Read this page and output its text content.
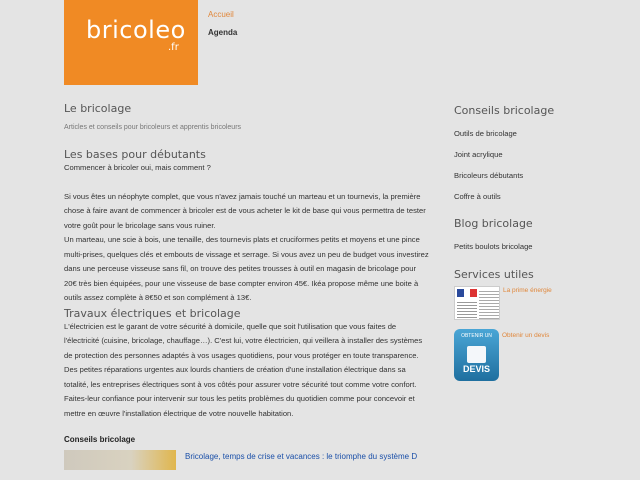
bricoleo
.fr
Accueil
Agenda
Le bricolage
Articles et conseils pour bricoleurs et apprentis bricoleurs
Les bases pour débutants
Commencer à bricoler oui, mais comment ?
Si vous êtes un néophyte complet, que vous n'avez jamais touché un marteau et un tournevis, la première chose à faire avant de commencer à bricoler est de vous acheter le kit de base qui vous permettra de tester votre goût pour le bricolage sans vous ruiner.
Un marteau, une scie à bois, une tenaille, des tournevis plats et cruciformes petits et moyens et une pince multi-prises, quelques clés et embouts de vissage et serrage. Si vous avez un peu de budget vous investirez dans une perceuse visseuse sans fil, on trouve des petites trousses à outil en magasin de bricolage pour 20€ très bien équipées, pour une visseuse de base compter environ 45€. Ikéa propose même une boite à outils assez complète à 8€50 et son complément à 13€.
Travaux électriques et bricolage
L'électricien est le garant de votre sécurité à domicile, quelle que soit l'utilisation que vous faites de l'électricité (cuisine, bricolage, chauffage…). C'est lui, votre électricien, qui veillera à installer des systèmes de protection des personnes adaptés à vos usages quotidiens, pour vous protéger en toute transparence.
Des petites réparations urgentes aux lourds chantiers de création d'une installation électrique dans sa totalité, les entreprises électriques sont à vos côtés pour assurer votre sécurité tout comme votre confort. Faites-leur confiance pour intervenir sur tous les petits problèmes du quotidien comme pour concevoir et mettre en œuvre l'installation électrique de votre nouvelle habitation.
Conseils bricolage
Bricolage, temps de crise et vacances : le triomphe du système D
Conseils bricolage
Outils de bricolage
Joint acrylique
Bricoleurs débutants
Coffre à outils
Blog bricolage
Petits boulots bricolage
Services utiles
La prime énergie
OBTENIR UN
DEVIS
Obtenir un devis
